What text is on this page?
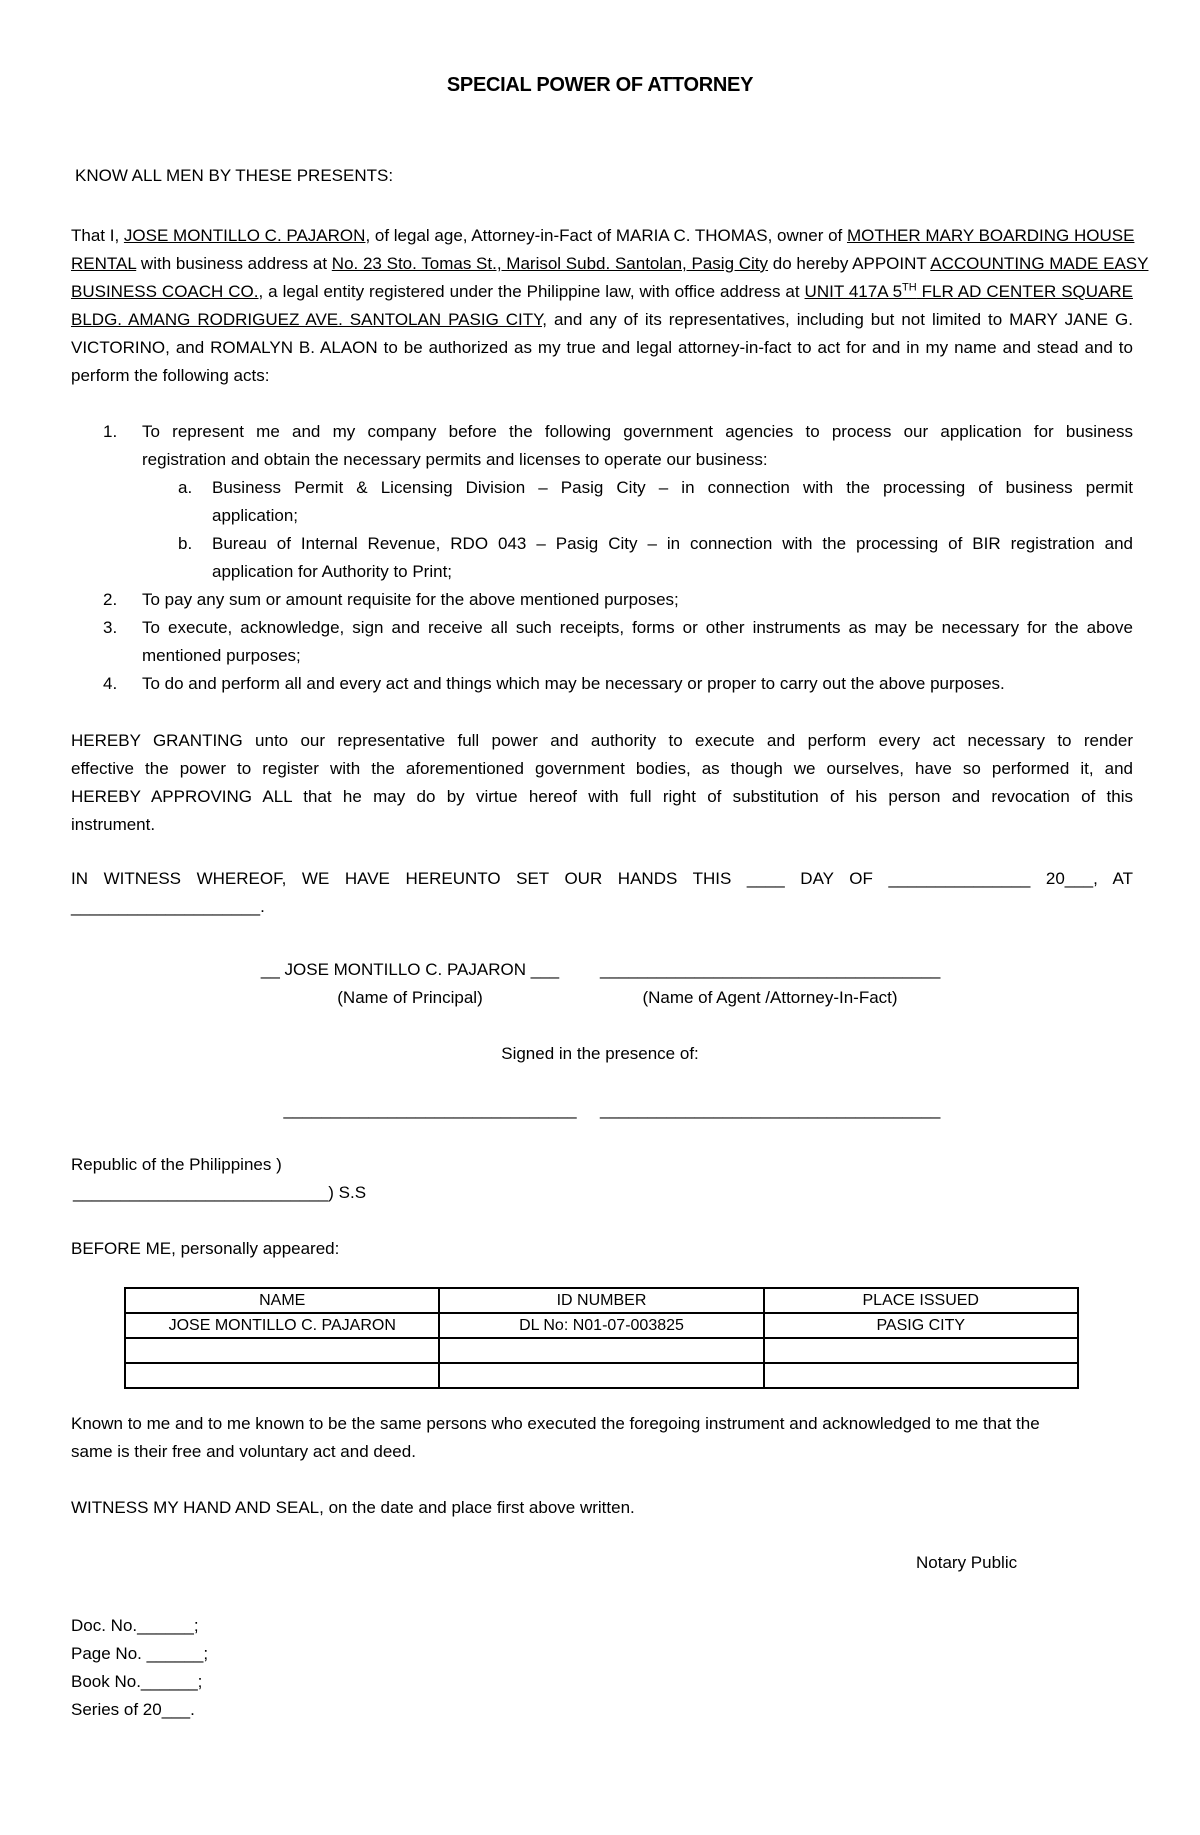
SPECIAL POWER OF ATTORNEY
KNOW ALL MEN BY THESE PRESENTS:
That I, JOSE MONTILLO C. PAJARON, of legal age, Attorney-in-Fact of MARIA C. THOMAS, owner of MOTHER MARY BOARDING HOUSE
RENTAL with business address at No. 23 Sto. Tomas St., Marisol Subd. Santolan, Pasig City do hereby APPOINT ACCOUNTING MADE EASY
BUSINESS COACH CO., a legal entity registered under the Philippine law, with office address at UNIT 417A 5TH FLR AD CENTER SQUARE
BLDG. AMANG RODRIGUEZ AVE. SANTOLAN PASIG CITY, and any of its representatives, including but not limited to MARY JANE G.
VICTORINO, and ROMALYN B. ALAON to be authorized as my true and legal attorney-in-fact to act for and in my name and stead and to
perform the following acts:
1.	To represent me and my company before the following government agencies to process our application for business
registration and obtain the necessary permits and licenses to operate our business:
a.	Business Permit & Licensing Division – Pasig City – in connection with the processing of business permit
application;
b.	Bureau of Internal Revenue, RDO 043 – Pasig City – in connection with the processing of BIR registration and
application for Authority to Print;
2.	To pay any sum or amount requisite for the above mentioned purposes;
3.	To execute, acknowledge, sign and receive all such receipts, forms or other instruments as may be necessary for the above
mentioned purposes;
4.	To do and perform all and every act and things which may be necessary or proper to carry out the above purposes.
HEREBY GRANTING unto our representative full power and authority to execute and perform every act necessary to render
effective the power to register with the aforementioned government bodies, as though we ourselves, have so performed it, and
HEREBY APPROVING ALL that he may do by virtue hereof with full right of substitution of his person and revocation of this
instrument.
IN WITNESS WHEREOF, WE HAVE HEREUNTO SET OUR HANDS THIS ____ DAY OF _______________ 20___, AT
____________________.
__ JOSE MONTILLO C. PAJARON ___	____________________________________
(Name of Principal)	(Name of Agent /Attorney-In-Fact)
Signed in the presence of:
_______________________________	____________________________________
Republic of the Philippines )
___________________________) S.S
BEFORE ME, personally appeared:
NAME	ID NUMBER	PLACE ISSUED
JOSE MONTILLO C. PAJARON	DL No: N01-07-003825	PASIG CITY

Known to me and to me known to be the same persons who executed the foregoing instrument and acknowledged to me that the
same is their free and voluntary act and deed.
WITNESS MY HAND AND SEAL, on the date and place first above written.
Notary Public
Doc. No.______;
Page No. ______;
Book No.______;
Series of 20___.
